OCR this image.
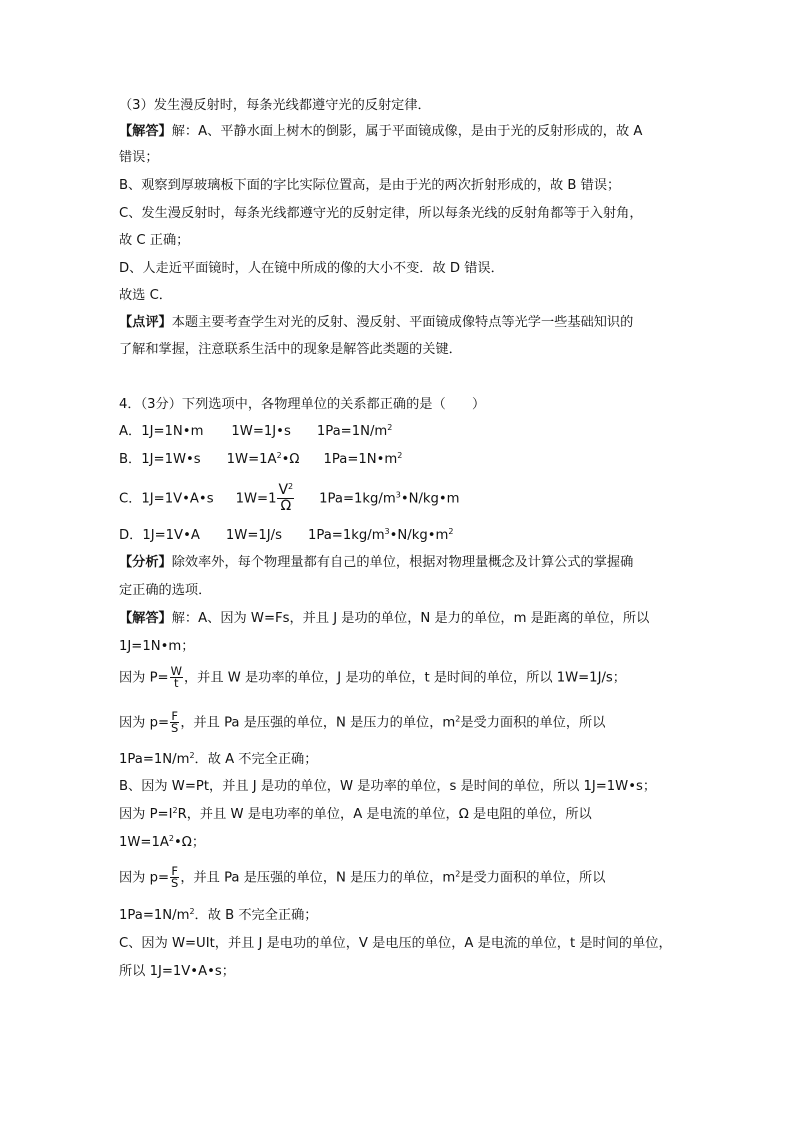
（3）发生漫反射时，每条光线都遵守光的反射定律．
【解答】解：A、平静水面上树木的倒影，属于平面镜成像，是由于光的反射形成的，故 A
错误；
B、观察到厚玻璃板下面的字比实际位置高，是由于光的两次折射形成的，故 B 错误；
C、发生漫反射时，每条光线都遵守光的反射定律，所以每条光线的反射角都等于入射角，
故 C 正确；
D、人走近平面镜时，人在镜中所成的像的大小不变．故 D 错误．
故选 C．
【点评】本题主要考查学生对光的反射、漫反射、平面镜成像特点等光学一些基础知识的
了解和掌握，注意联系生活中的现象是解答此类题的关键．
4．（3分）下列选项中，各物理单位的关系都正确的是（　　）
A．1J=1N•m 1W=1J•s $1Pa=1N/m^2$
B．1J=1W•s $1W=1A^2•\Omega$ $1Pa=1N•m^2$
C．1J=1V•A•s $1W=1 \frac{V^2}{\Omega}$ $1Pa=1kg/m^3•N/kg•m$
D．1J=1V•A 1W=1J/s $1Pa=1kg/m^3•N/kg•m^2$
【分析】除效率外，每个物理量都有自己的单位，根据对物理量概念及计算公式的掌握确
定正确的选项．
【解答】解：A、因为 W=Fs，并且 J 是功的单位，N 是力的单位，m 是距离的单位，所以
1J=1N•m；
因为 $P= \frac{W}{t}$ ，并且 W 是功率的单位，J 是功的单位，t 是时间的单位，所以 1W=1J/s；
因为 $p= \frac{F}{S}$ ，并且 Pa 是压强的单位，N 是压力的单位，$m^2$是受力面积的单位，所以
$1Pa=1N/m^2$．故 A 不完全正确；
B、因为 W=Pt，并且 J 是功的单位，W 是功率的单位，s 是时间的单位，所以 1J=1W•s；
因为 $P=I^2R$，并且 W 是电功率的单位，A 是电流的单位，Ω 是电阻的单位，所以
$1W=1A^2•\Omega$；
因为 $p= \frac{F}{S}$ ，并且 Pa 是压强的单位，N 是压力的单位，$m^2$是受力面积的单位，所以
$1Pa=1N/m^2$．故 B 不完全正确；
C、因为 W=UIt，并且 J 是电功的单位，V 是电压的单位，A 是电流的单位，t 是时间的单位，
所以 1J=1V•A•s；
